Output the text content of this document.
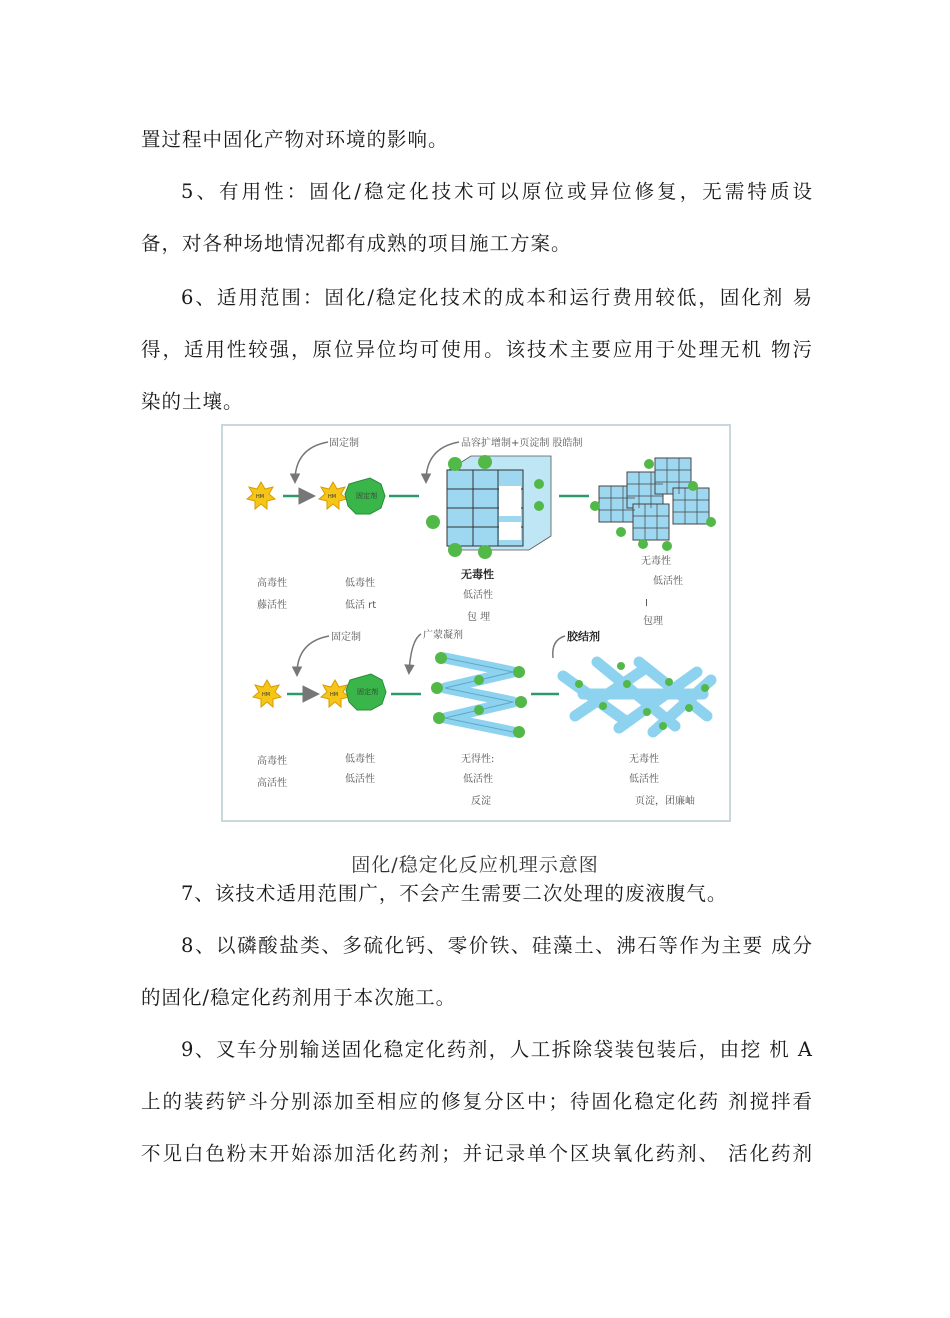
置过程中固化产物对环境的影响。
5、有用性：固化/稳定化技术可以原位或异位修复，无需特质设
备，对各种场地情况都有成熟的项目施工方案。
6、适用范围：固化/稳定化技术的成本和运行费用较低，固化剂 易
得，适用性较强，原位异位均可使用。该技术主要应用于处理无机 物污
染的土壤。
固定制	品容扩增制+页淀制 股皓制
HM	HM	固定剂
高毒性
藤活性
低毒性
低活 rt
无毒性
低活性
包 埋
无毒性
低活性
I
包理
固定制	广蒙凝剂	胶结剂
HM	HM	固定剂
高毒性
高活性
低毒性
低活性
无得性:
低活性
反淀
无毒性
低活性
页淀，团廉岫
固化/稳定化反应机理示意图
7、该技术适用范围广，不会产生需要二次处理的废液腹气。
8、以磷酸盐类、多硫化钙、零价铁、硅藻土、沸石等作为主要 成分
的固化/稳定化药剂用于本次施工。
9、叉车分别输送固化稳定化药剂，人工拆除袋装包装后，由挖 机 A
上的装药铲斗分别添加至相应的修复分区中；待固化稳定化药 剂搅拌看
不见白色粉末开始添加活化药剂；并记录单个区块氧化药剂、 活化药剂
